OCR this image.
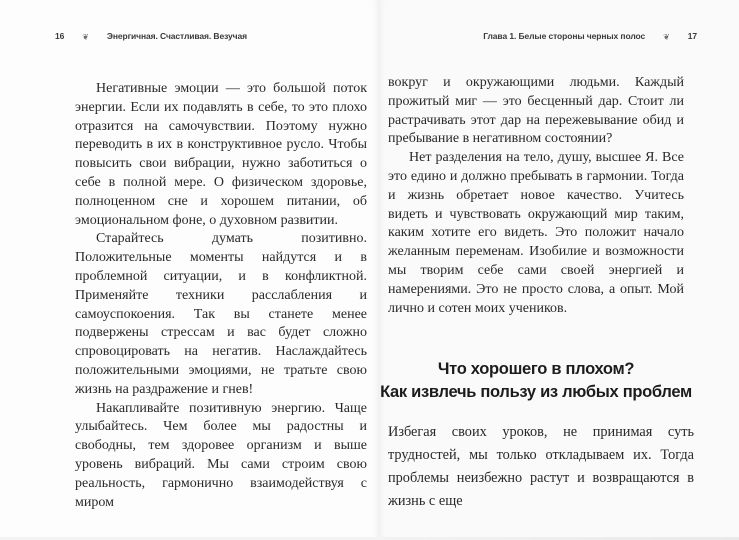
16 ❦ Энергичная. Счастливая. Везучая

Негативные эмоции — это большой поток энергии. Если их подавлять в себе, то это плохо отразится на самочувствии. Поэтому нужно переводить в их в конструктивное русло. Чтобы повысить свои вибрации, нужно заботиться о себе в полной мере. О физическом здоровье, полноценном сне и хорошем питании, об эмоциональном фоне, о духовном развитии.

Старайтесь думать позитивно. Положительные моменты найдутся и в проблемной ситуации, и в конфликтной. Применяйте техники расслабления и самоуспокоения. Так вы станете менее подвержены стрессам и вас будет сложно спровоцировать на негатив. Наслаждайтесь положительными эмоциями, не тратьте свою жизнь на раздражение и гнев!

Накапливайте позитивную энергию. Чаще улыбайтесь. Чем более мы радостны и свободны, тем здоровее организм и выше уровень вибраций. Мы сами строим свою реальность, гармонично взаимодействуя с миром

Глава 1. Белые стороны черных полос ❦ 17

вокруг и окружающими людьми. Каждый прожитый миг — это бесценный дар. Стоит ли растрачивать этот дар на пережевывание обид и пребывание в негативном состоянии?

Нет разделения на тело, душу, высшее Я. Все это едино и должно пребывать в гармонии. Тогда и жизнь обретает новое качество. Учитесь видеть и чувствовать окружающий мир таким, каким хотите его видеть. Это положит начало желанным переменам. Изобилие и возможности мы творим себе сами своей энергией и намерениями. Это не просто слова, а опыт. Мой лично и сотен моих учеников.

Что хорошего в плохом?
Как извлечь пользу из любых проблем

Избегая своих уроков, не принимая суть трудностей, мы только откладываем их. Тогда проблемы неизбежно растут и возвращаются в жизнь с еще
